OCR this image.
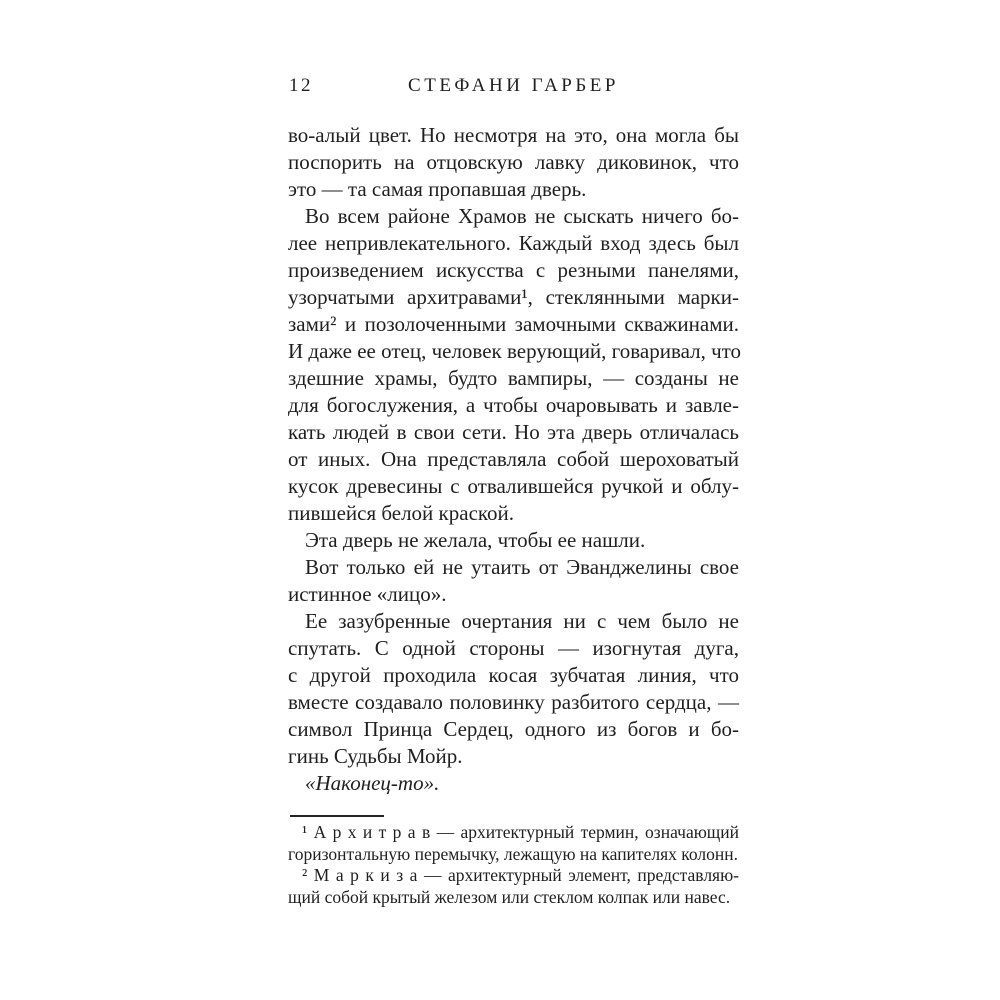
12	СТЕФАНИ ГАРБЕР
во-алый цвет. Но несмотря на это, она могла бы
поспорить на отцовскую лавку диковинок, что
это — та самая пропавшая дверь.
Во всем районе Храмов не сыскать ничего бо-
лее непривлекательного. Каждый вход здесь был
произведением искусства с резными панелями,
узорчатыми архитравами¹, стеклянными марки-
зами² и позолоченными замочными скважинами.
И даже ее отец, человек верующий, говаривал, что
здешние храмы, будто вампиры, — созданы не
для богослужения, а чтобы очаровывать и завле-
кать людей в свои сети. Но эта дверь отличалась
от иных. Она представляла собой шероховатый
кусок древесины с отвалившейся ручкой и облу-
пившейся белой краской.
Эта дверь не желала, чтобы ее нашли.
Вот только ей не утаить от Эванджелины свое
истинное «лицо».
Ее зазубренные очертания ни с чем было не
спутать. С одной стороны — изогнутая дуга,
с другой проходила косая зубчатая линия, что
вместе создавало половинку разбитого сердца, —
символ Принца Сердец, одного из богов и бо-
гинь Судьбы Мойр.
«Наконец-то».
¹ А р х и т р а в — архитектурный термин, означающий
горизонтальную перемычку, лежащую на капителях колонн.
² М а р к и з а — архитектурный элемент, представляю-
щий собой крытый железом или стеклом колпак или навес.
